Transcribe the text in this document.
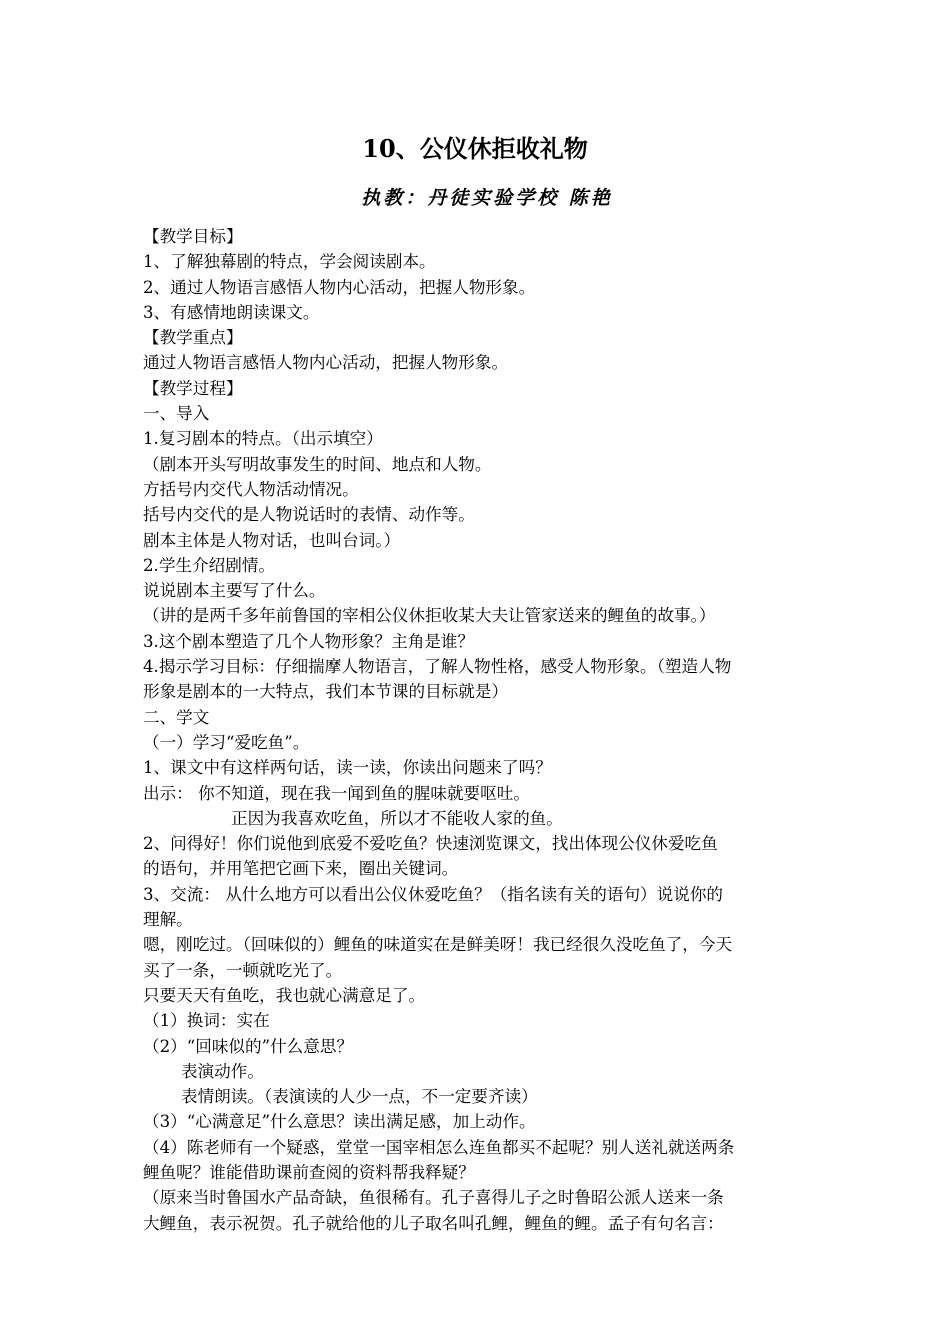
10、公仪休拒收礼物
执教：丹徒实验学校 陈艳
【教学目标】
1、了解独幕剧的特点，学会阅读剧本。
2、通过人物语言感悟人物内心活动，把握人物形象。
3、有感情地朗读课文。
【教学重点】
通过人物语言感悟人物内心活动，把握人物形象。
【教学过程】
一、导入
1.复习剧本的特点。（出示填空）
（剧本开头写明故事发生的时间、地点和人物。
方括号内交代人物活动情况。
括号内交代的是人物说话时的表情、动作等。
剧本主体是人物对话，也叫台词。）
2.学生介绍剧情。
说说剧本主要写了什么。
（讲的是两千多年前鲁国的宰相公仪休拒收某大夫让管家送来的鲤鱼的故事。）
3.这个剧本塑造了几个人物形象？主角是谁？
4.揭示学习目标：仔细揣摩人物语言，了解人物性格，感受人物形象。（塑造人物
形象是剧本的一大特点，我们本节课的目标就是）
二、学文
（一）学习“爱吃鱼”。
1、课文中有这样两句话，读一读，你读出问题来了吗？
出示： 你不知道，现在我一闻到鱼的腥味就要呕吐。
正因为我喜欢吃鱼，所以才不能收人家的鱼。
2、问得好！你们说他到底爱不爱吃鱼？快速浏览课文，找出体现公仪休爱吃鱼
的语句，并用笔把它画下来，圈出关键词。
3、交流： 从什么地方可以看出公仪休爱吃鱼？（指名读有关的语句）说说你的
理解。
嗯，刚吃过。（回味似的）鲤鱼的味道实在是鲜美呀！我已经很久没吃鱼了，今天
买了一条，一顿就吃光了。
只要天天有鱼吃，我也就心满意足了。
（1）换词：实在
（2）“回味似的”什么意思？
表演动作。
表情朗读。（表演读的人少一点，不一定要齐读）
（3）“心满意足”什么意思？读出满足感，加上动作。
（4）陈老师有一个疑惑，堂堂一国宰相怎么连鱼都买不起呢？别人送礼就送两条
鲤鱼呢？谁能借助课前查阅的资料帮我释疑？
（原来当时鲁国水产品奇缺，鱼很稀有。孔子喜得儿子之时鲁昭公派人送来一条
大鲤鱼，表示祝贺。孔子就给他的儿子取名叫孔鲤，鲤鱼的鲤。孟子有句名言：
